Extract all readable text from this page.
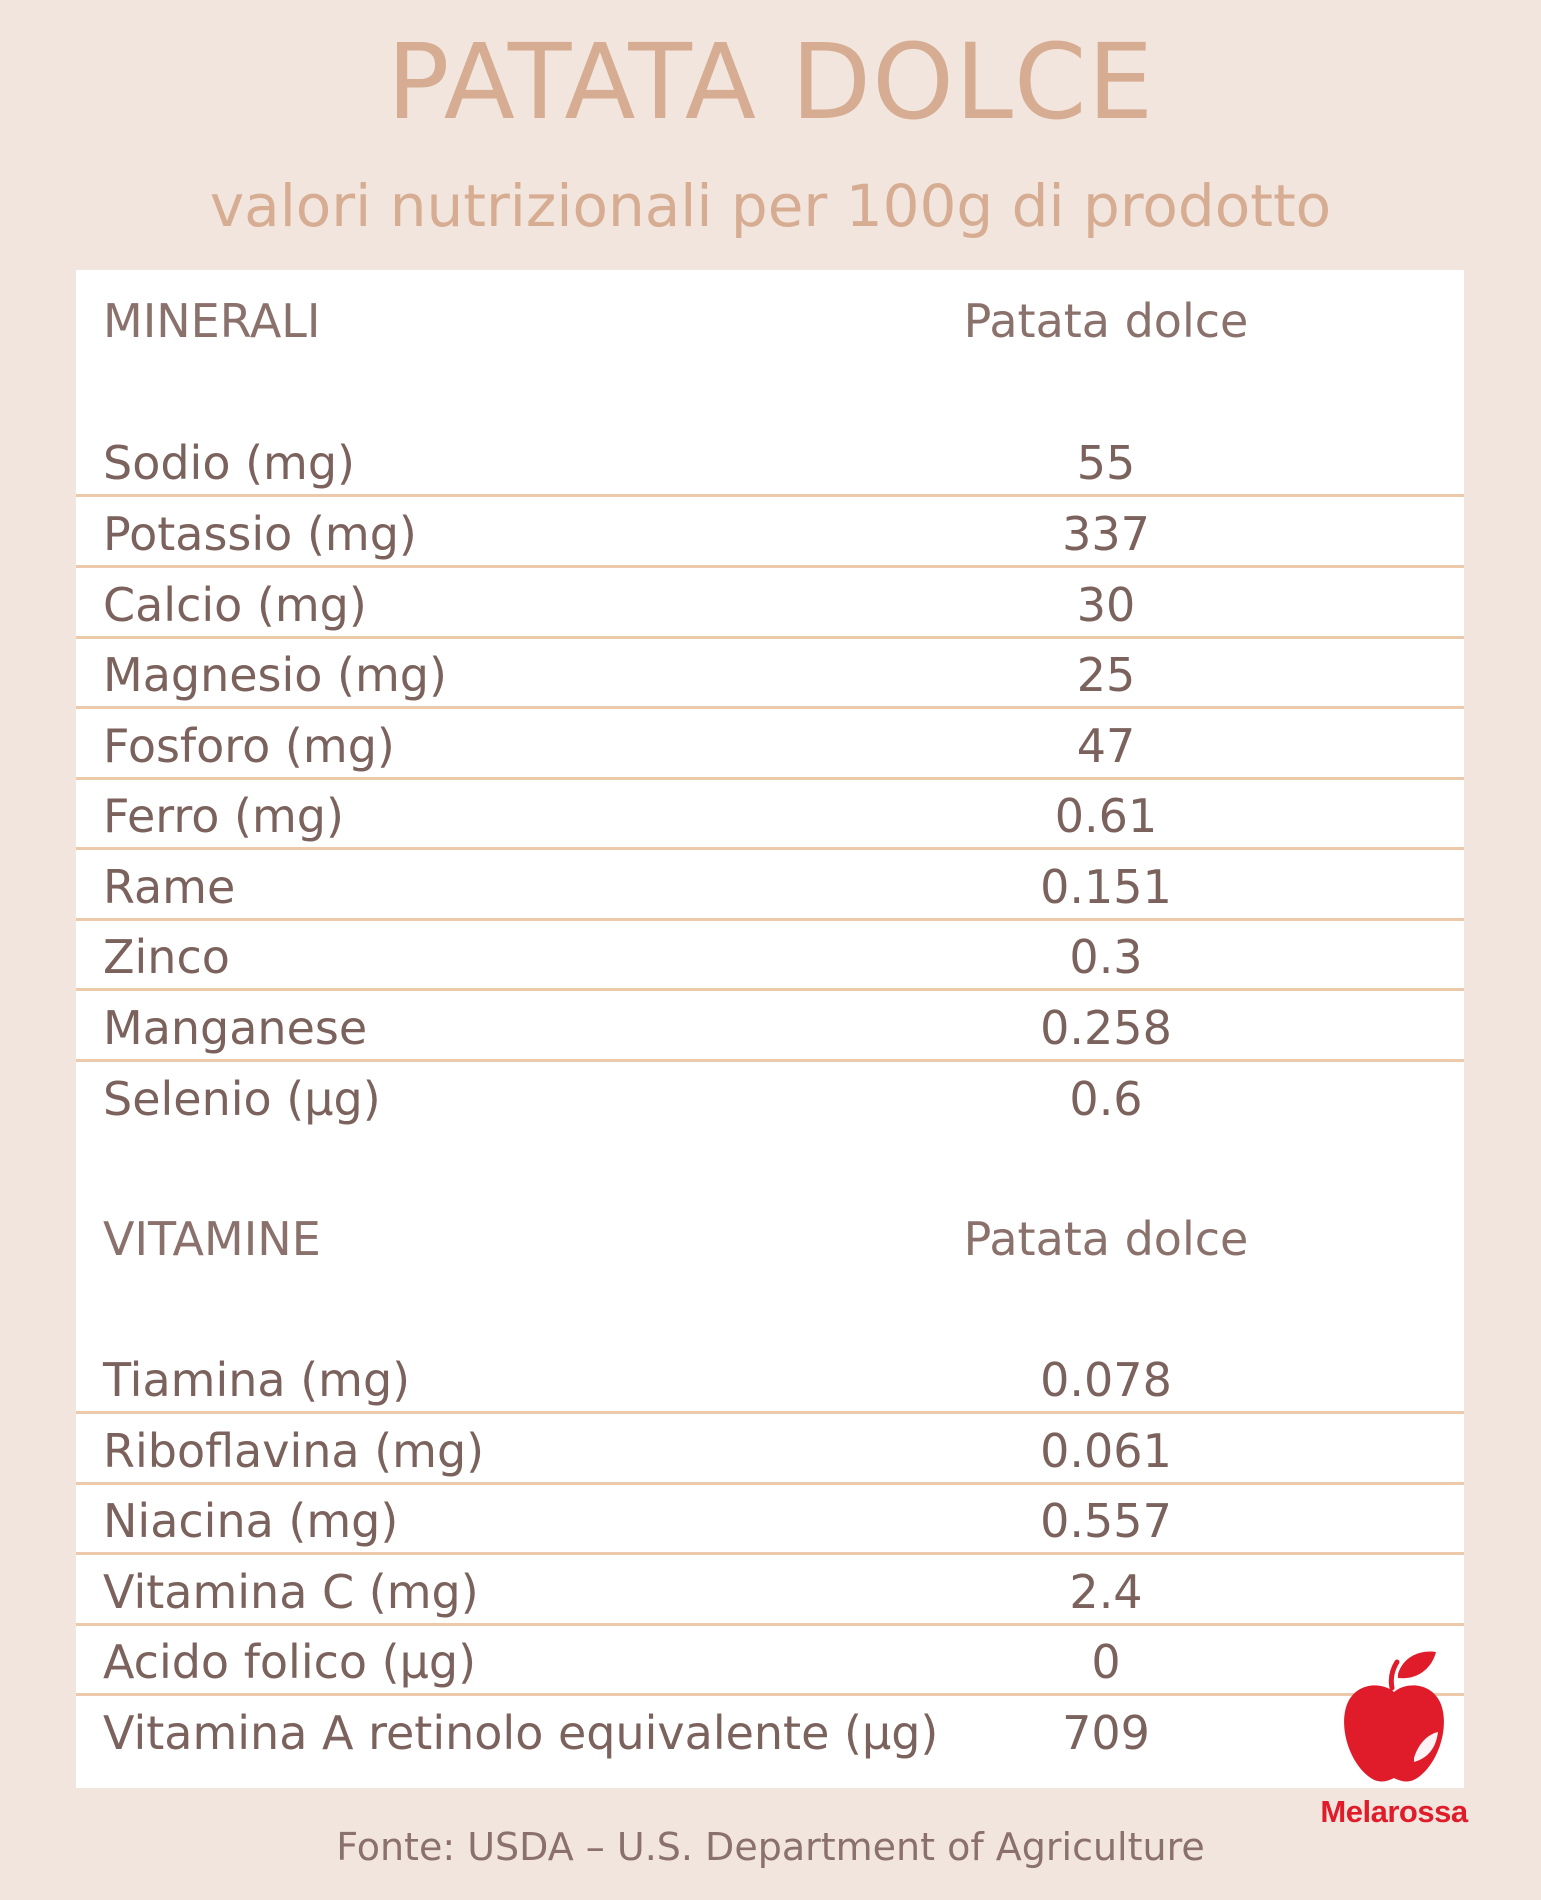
PATATA DOLCE

valori nutrizionali per 100g di prodotto

MINERALI	Patata dolce
Sodio (mg)	55
Potassio (mg)	337
Calcio (mg)	30
Magnesio (mg)	25
Fosforo (mg)	47
Ferro (mg)	0.61
Rame	0.151
Zinco	0.3
Manganese	0.258
Selenio (µg)	0.6
VITAMINE	Patata dolce
Tiamina (mg)	0.078
Riboflavina (mg)	0.061
Niacina (mg)	0.557
Vitamina C (mg)	2.4
Acido folico (µg)	0
Vitamina A retinolo equivalente (µg)	709
Melarossa
Fonte: USDA – U.S. Department of Agriculture
